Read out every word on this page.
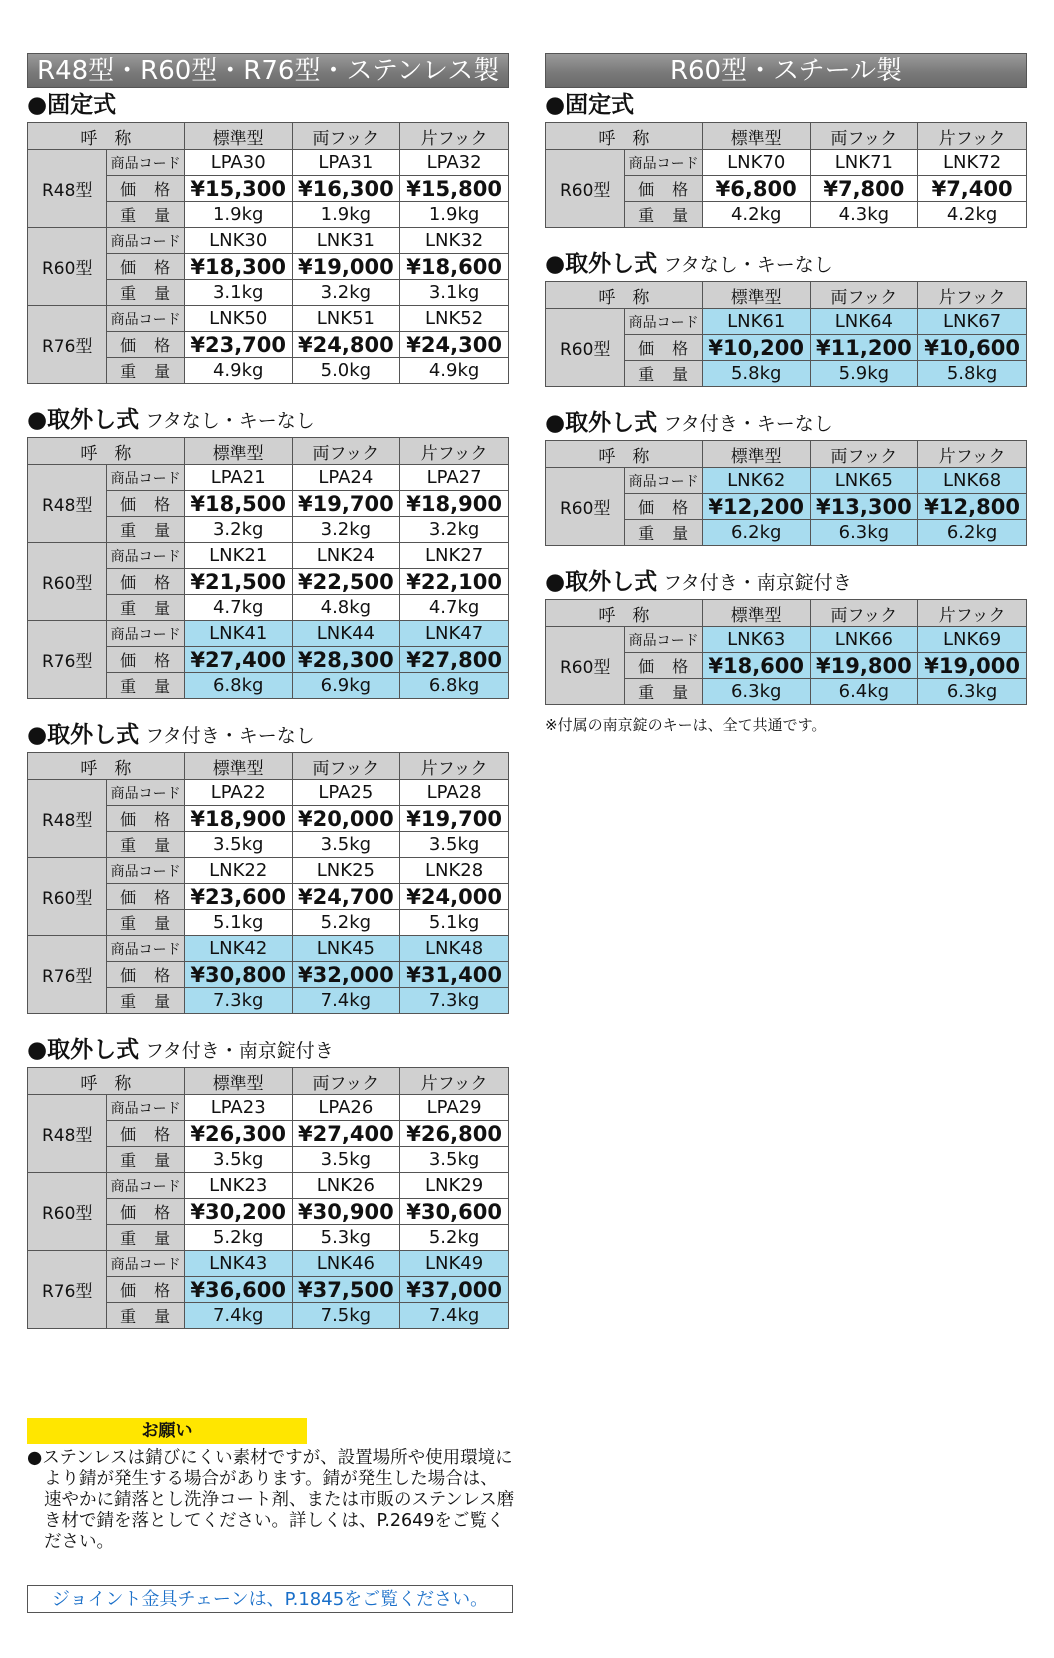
R48型・R60型・R76型・ステンレス製
●固定式
呼　称		標準型	両フック	片フック
R48型	商品コード	LPA30	LPA31	LPA32
	価　格	¥15,300	¥16,300	¥15,800
	重　量	1.9kg	1.9kg	1.9kg
R60型	商品コード	LNK30	LNK31	LNK32
	価　格	¥18,300	¥19,000	¥18,600
	重　量	3.1kg	3.2kg	3.1kg
R76型	商品コード	LNK50	LNK51	LNK52
	価　格	¥23,700	¥24,800	¥24,300
	重　量	4.9kg	5.0kg	4.9kg
●取外し式 フタなし・キーなし
呼　称		標準型	両フック	片フック
R48型	商品コード	LPA21	LPA24	LPA27
	価　格	¥18,500	¥19,700	¥18,900
	重　量	3.2kg	3.2kg	3.2kg
R60型	商品コード	LNK21	LNK24	LNK27
	価　格	¥21,500	¥22,500	¥22,100
	重　量	4.7kg	4.8kg	4.7kg
R76型	商品コード	LNK41	LNK44	LNK47
	価　格	¥27,400	¥28,300	¥27,800
	重　量	6.8kg	6.9kg	6.8kg
●取外し式 フタ付き・キーなし
呼　称		標準型	両フック	片フック
R48型	商品コード	LPA22	LPA25	LPA28
	価　格	¥18,900	¥20,000	¥19,700
	重　量	3.5kg	3.5kg	3.5kg
R60型	商品コード	LNK22	LNK25	LNK28
	価　格	¥23,600	¥24,700	¥24,000
	重　量	5.1kg	5.2kg	5.1kg
R76型	商品コード	LNK42	LNK45	LNK48
	価　格	¥30,800	¥32,000	¥31,400
	重　量	7.3kg	7.4kg	7.3kg
●取外し式 フタ付き・南京錠付き
呼　称		標準型	両フック	片フック
R48型	商品コード	LPA23	LPA26	LPA29
	価　格	¥26,300	¥27,400	¥26,800
	重　量	3.5kg	3.5kg	3.5kg
R60型	商品コード	LNK23	LNK26	LNK29
	価　格	¥30,200	¥30,900	¥30,600
	重　量	5.2kg	5.3kg	5.2kg
R76型	商品コード	LNK43	LNK46	LNK49
	価　格	¥36,600	¥37,500	¥37,000
	重　量	7.4kg	7.5kg	7.4kg
R60型・スチール製
●固定式
呼　称		標準型	両フック	片フック
R60型	商品コード	LNK70	LNK71	LNK72
	価　格	¥6,800	¥7,800	¥7,400
	重　量	4.2kg	4.3kg	4.2kg
●取外し式 フタなし・キーなし
呼　称		標準型	両フック	片フック
R60型	商品コード	LNK61	LNK64	LNK67
	価　格	¥10,200	¥11,200	¥10,600
	重　量	5.8kg	5.9kg	5.8kg
●取外し式 フタ付き・キーなし
呼　称		標準型	両フック	片フック
R60型	商品コード	LNK62	LNK65	LNK68
	価　格	¥12,200	¥13,300	¥12,800
	重　量	6.2kg	6.3kg	6.2kg
●取外し式 フタ付き・南京錠付き
呼　称		標準型	両フック	片フック
R60型	商品コード	LNK63	LNK66	LNK69
	価　格	¥18,600	¥19,800	¥19,000
	重　量	6.3kg	6.4kg	6.3kg
※付属の南京錠のキーは、全て共通です。
お願い
●ステンレスは錆びにくい素材ですが、設置場所や使用環境により錆が発生する場合があります。錆が発生した場合は、速やかに錆落とし洗浄コート剤、または市販のステンレス磨き材で錆を落としてください。詳しくは、P.2649をご覧ください。
ジョイント金具チェーンは、P.1845をご覧ください。
